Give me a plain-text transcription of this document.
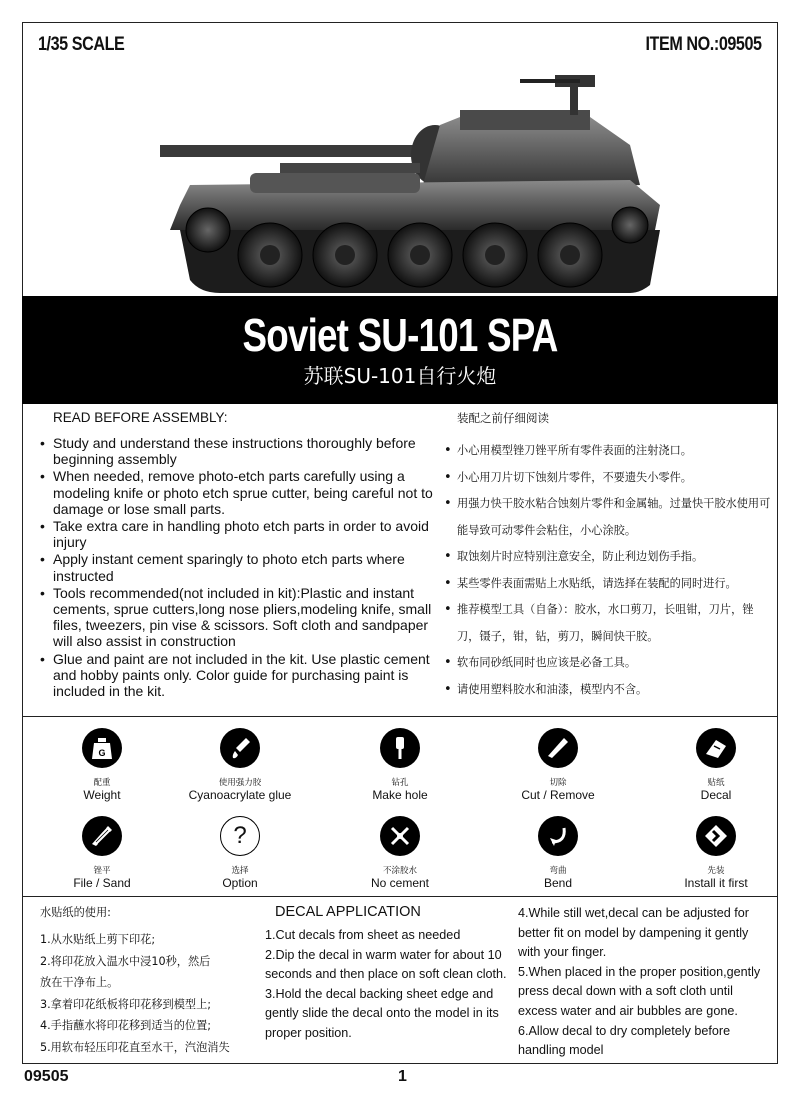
1/35 SCALE	ITEM NO.:09505
Soviet SU-101 SPA
苏联SU-101自行火炮
READ BEFORE ASSEMBLY:
• Study and understand these instructions thoroughly before beginning assembly
• When needed, remove photo-etch parts carefully using a modeling knife or photo etch sprue cutter, being careful not to damage or lose small parts.
• Take extra care in handling photo etch parts in order to avoid injury
• Apply instant cement sparingly to photo etch parts where instructed
• Tools recommended(not included in kit):Plastic and instant cements, sprue cutters,long nose pliers,modeling knife, small files, tweezers, pin vise & scissors. Soft cloth and sandpaper will also assist in construction
• Glue and paint are not included in the kit. Use plastic cement and hobby paints only. Color guide for purchasing paint is included in the kit.
装配之前仔细阅读
• 小心用模型锉刀锉平所有零件表面的注射浇口。
• 小心用刀片切下蚀刻片零件，不要遗失小零件。
• 用强力快干胶水粘合蚀刻片零件和金属轴。过量快干胶水使用可能导致可动零件会粘住，小心涂胶。
• 取蚀刻片时应特别注意安全，防止利边划伤手指。
• 某些零件表面需贴上水贴纸，请选择在装配的同时进行。
• 推荐模型工具（自备）：胶水，水口剪刀，长咀钳，刀片，锉刀，镊子，钳，钻，剪刀，瞬间快干胶。
• 软布同砂纸同时也应该是必备工具。
• 请使用塑料胶水和油漆，模型内不含。
G
配重
Weight
使用强力胶
Cyanoacrylate glue
钻孔
Make hole
切除
Cut / Remove
贴纸
Decal
锉平
File / Sand
?
选择
Option
不涂胶水
No cement
弯曲
Bend
先装
Install it first
水贴纸的使用:
1.从水贴纸上剪下印花;
2.将印花放入温水中浸10秒，然后
放在干净布上。
3.拿着印花纸板将印花移到模型上;
4.手指蘸水将印花移到适当的位置;
5.用软布轻压印花直至水干，汽泡消失
DECAL APPLICATION
1.Cut decals from sheet as needed
2.Dip the decal in warm water for about 10
seconds and then place on soft clean cloth.
3.Hold the decal backing sheet edge and
gently slide the decal onto the model in its
proper position.
4.While still wet,decal can be adjusted for
better fit on model by dampening it gently
with your finger.
5.When placed in the proper position,gently
press decal down with a soft cloth until
excess water and air bubbles are gone.
6.Allow decal to dry completely before
handling model
09505	1
